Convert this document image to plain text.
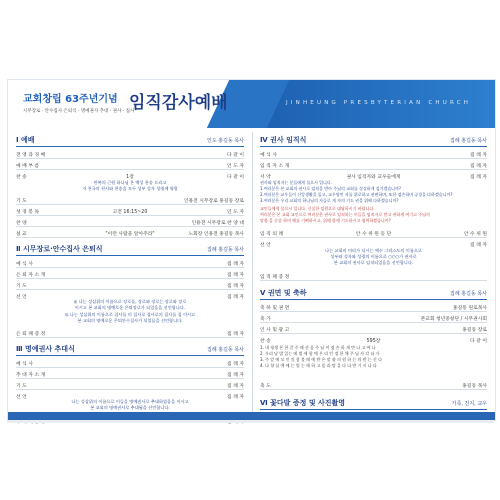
교회창립 63주년기념
시무장로 · 안수집사 은퇴식 · 명예권사 추대 · 권사 · 집사
임직감사예배	JINHEUNG PRESBYTERIAN CHURCH
Ⅰ 예배	인도 홍길동 목사
전 영 과 경 배	다 같 이
예 배 부 름	인 도 자
찬 송	1장	다 같 이
만복의 근원 하나님 온 백성 찬송 드리고
저 천국의 천사와 찬송을 모두 성부 성자 성령께 영광
기 도	인용전 시무장로 홍길동 장로
성 경 봉 독	고전 16:15~20	인 도 자
찬 양	인용전 시무장로 찬 양 대
설 교	"이런 사람을 알아주라"	노회장 인용전 홍길동 목사
Ⅱ 시무장로·안수집사 은퇴식	집례 홍길동 목사
예 식 사	집 례 자
은 퇴 자 소 개	집 례 자
기 도	집 례 자
선 언	집 례 자
◎ 나는 성삼위의 이름으로 장로를, 장로와 장로는 장로와 장로
이시고 본 교회의 명예로운 은퇴장로가 되었음을 선언합니다.
◎ 나는 성삼위의 이름으로 집사를 의 집사로 집사로의 집사를 집 이시고
본 교회의 명예로운 은퇴안수집사가 되었음을 선언합니다.
은 퇴 패 증 정	집 례 자
Ⅲ 명예권사 추대식	집례 홍길동 목사
예 식 사	집 례 자
추 대 자 소 개	집 례 자
기 도	집 례 자
선 언	집 례 자
나는 성삼위의 이름으로 이들을 명예권사로 추대하였음을 이시고
본 교회의 명예권사로 추대됨을 선언합니다.
Ⅳ 권사 임직식	집례 홍길동 목사
예 식 사	집 례 자
임 직 자 소 개	집 례 자
서 약	권사 임직자와 교우들에게	집 례 자
권사와 임직자는 분들에게 물으시 입니다.
1.여러분은 본 교회의 권사로 임직을 받아 주님의 교회를 성실하게 섬기겠습니까?
2.여러분은 교우들이 신앙생활을 돕고, 교우양인 자를 위로하고 권면하며, 또한 겸손하며 공경을 다하겠습니까?
3.여러분은 우리 교회의 하나님의 자들로 게 자의 기도 권을 위해 다하겠습니까?
교인들에게 물으시 입니다. 신실한 임원으로 대답하시기 바랍니다.
여러분은 본 교회 교인으로 여러분은 권사로 임직하는 이들을 임직자로 받고 귀하게 여기고 주님의
말씀 을 순종 하며 해를 기뻐하시고, 위해 함께 기도하시고 협력하겠습니까?
임 직 의 례	안 수 위 원 등 단	안 수 위 원
선 언	집 례 자
나는 교회의 머리가 되시는 예수 그리스도의 이름으로
성부와 성자와 성령의 이름으로 ○○○가 권사로
본 교회의 권사로 임직되었음을 선언합니다.
임 직 패 증 정
Ⅴ 권면 및 축하	집례 홍길동 목사
축 하 및 권 면	홍길동 원로목사
축 가	본교회 청년중창단 / 시무권사회
인 사 및 광 고	홍길동 장로
찬 송	595장	다 같 이
1. 내 평생 본 찬 갈 주 때 선 음 주 님 이 겸 손 하 게 만 나 고 여 나
2. 우리 남 밥 있는 에 법 에 함 예 우 리 인 정 한 채 주 님 사 각 더 가
3. 주 앞 에 모 인 것 참 볼 때 예 받 은 말 씀 의 원 하 는 의 받 는 신 다
4. 나 향 십 예 에 는 열 는 때 하 고 몸 과 맘 을 다 다 받 기 시 나 다
축 도	홍길동 목사
Ⅵ 꽃다발 증정 및 사진촬영	가족, 친지, 교우
